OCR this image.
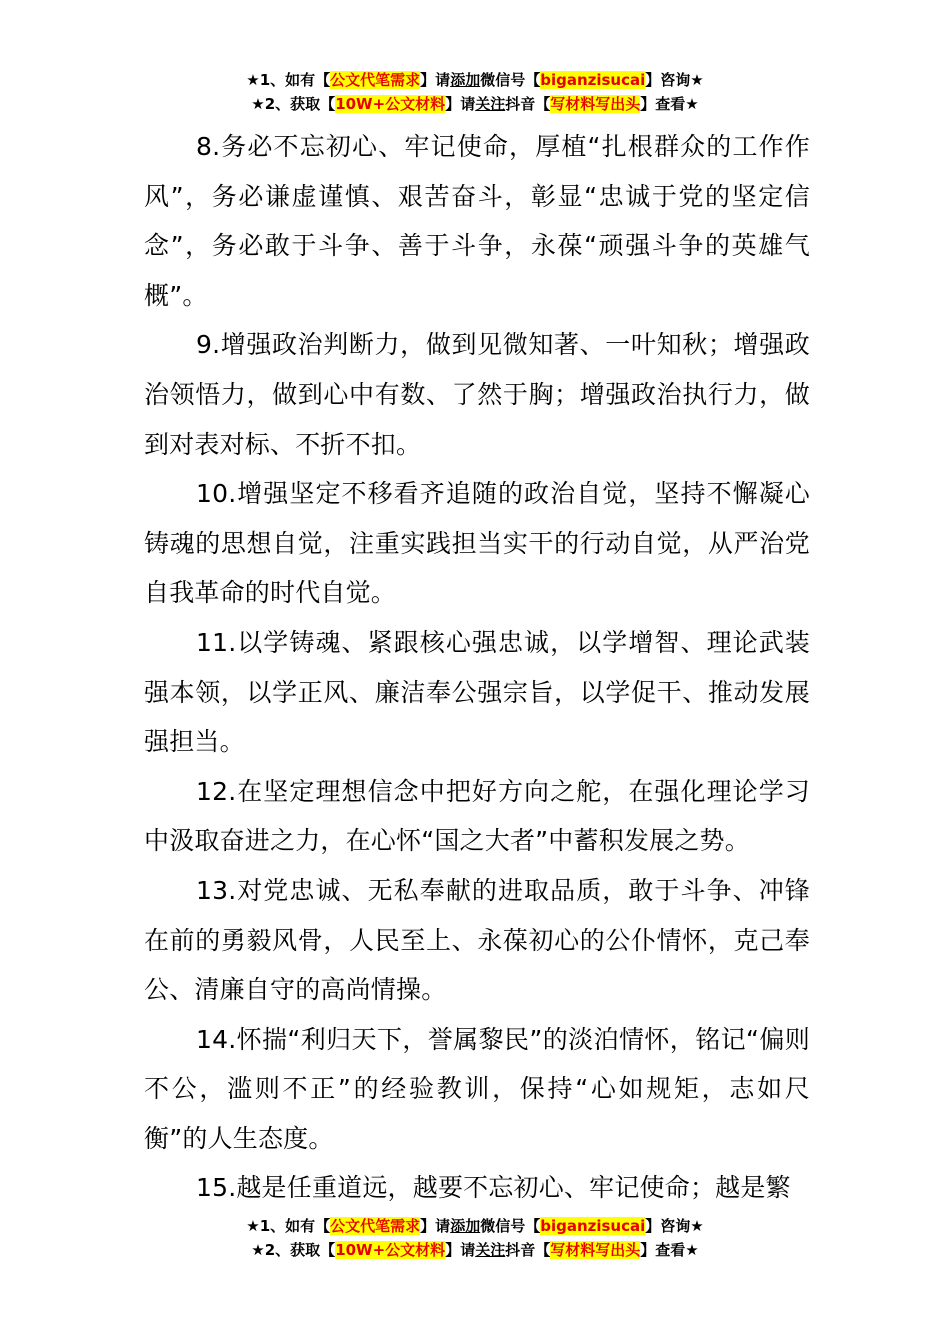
★1、如有【公文代笔需求】请添加微信号【biganzisucai】咨询★
★2、获取【10W+公文材料】请关注抖音【写材料写出头】查看★

8.务必不忘初心、牢记使命，厚植“扎根群众的工作作风”，务必谦虚谨慎、艰苦奋斗，彰显“忠诚于党的坚定信念”，务必敢于斗争、善于斗争，永葆“顽强斗争的英雄气概”。

9.增强政治判断力，做到见微知著、一叶知秋；增强政治领悟力，做到心中有数、了然于胸；增强政治执行力，做到对表对标、不折不扣。

10.增强坚定不移看齐追随的政治自觉，坚持不懈凝心铸魂的思想自觉，注重实践担当实干的行动自觉，从严治党自我革命的时代自觉。

11.以学铸魂、紧跟核心强忠诚，以学增智、理论武装强本领，以学正风、廉洁奉公强宗旨，以学促干、推动发展强担当。

12.在坚定理想信念中把好方向之舵，在强化理论学习中汲取奋进之力，在心怀“国之大者”中蓄积发展之势。

13.对党忠诚、无私奉献的进取品质，敢于斗争、冲锋在前的勇毅风骨，人民至上、永葆初心的公仆情怀，克己奉公、清廉自守的高尚情操。

14.怀揣“利归天下，誉属黎民”的淡泊情怀，铭记“偏则不公，滥则不正”的经验教训，保持“心如规矩，志如尺衡”的人生态度。

15.越是任重道远，越要不忘初心、牢记使命；越是繁

★1、如有【公文代笔需求】请添加微信号【biganzisucai】咨询★
★2、获取【10W+公文材料】请关注抖音【写材料写出头】查看★
